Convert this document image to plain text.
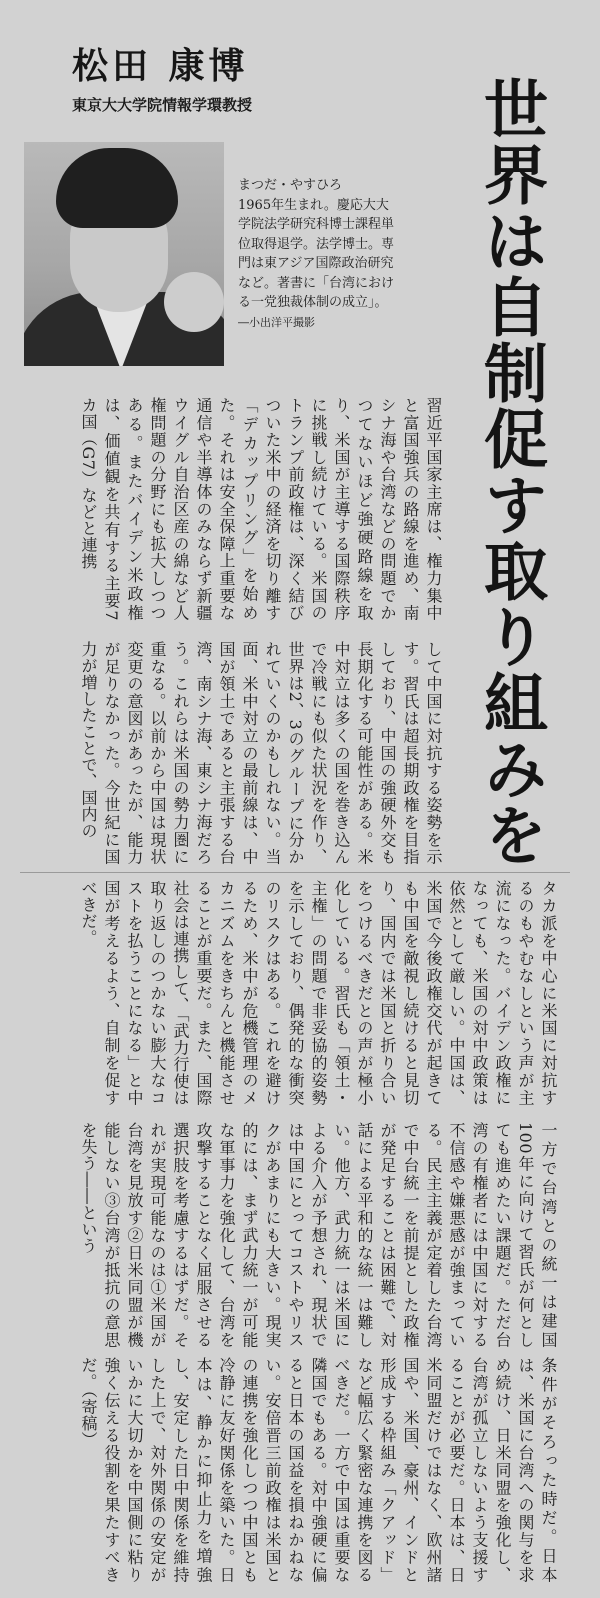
松田 康博
東京大大学院情報学環教授
まつだ・やすひろ
1965年生まれ。慶応大大学院法学研究科博士課程単位取得退学。法学博士。専門は東アジア国際政治研究など。著書に「台湾における一党独裁体制の成立」。―小出洋平撮影	世界は自制促す取り組みを
習近平国家主席は、権力集中と富国強兵の路線を進め、南シナ海や台湾などの問題でかつてないほど強硬路線を取り、米国が主導する国際秩序に挑戦し続けている。米国のトランプ前政権は、深く結びついた米中の経済を切り離す「デカップリング」を始めた。それは安全保障上重要な通信や半導体のみならず新疆ウイグル自治区産の綿など人権問題の分野にも拡大しつつある。またバイデン米政権は、価値観を共有する主要7カ国（G7）などと連携
して中国に対抗する姿勢を示す。習氏は超長期政権を目指しており、中国の強硬外交も長期化する可能性がある。米中対立は多くの国を巻き込んで冷戦にも似た状況を作り、世界は2、3のグループに分かれていくのかもしれない。当面、米中対立の最前線は、中国が領土であると主張する台湾、南シナ海、東シナ海だろう。これらは米国の勢力圏に重なる。以前から中国は現状変更の意図があったが、能力が足りなかった。今世紀に国力が増したことで、国内の
タカ派を中心に米国に対抗するのもやむなしという声が主流になった。バイデン政権になっても、米国の対中政策は依然として厳しい。中国は、米国で今後政権交代が起きても中国を敵視し続けると見切り、国内では米国と折り合いをつけるべきだとの声が極小化している。習氏も「領土・主権」の問題で非妥協的姿勢を示しており、偶発的な衝突のリスクはある。これを避けるため、米中が危機管理のメカニズムをきちんと機能させることが重要だ。また、国際社会は連携して、「武力行使は取り返しのつかない膨大なコストを払うことになる」と中国が考えるよう、自制を促すべきだ。
一方で台湾との統一は建国100年に向けて習氏が何としても進めたい課題だ。ただ台湾の有権者には中国に対する不信感や嫌悪感が強まっている。民主主義が定着した台湾で中台統一を前提とした政権が発足することは困難で、対話による平和的な統一は難しい。他方、武力統一は米国による介入が予想され、現状では中国にとってコストやリスクがあまりにも大きい。現実的には、まず武力統一が可能な軍事力を強化して、台湾を攻撃することなく屈服させる選択肢を考慮するはずだ。それが実現可能なのは①米国が台湾を見放す②日米同盟が機能しない③台湾が抵抗の意思を失う――という
条件がそろった時だ。日本は、米国に台湾への関与を求め続け、日米同盟を強化し、台湾が孤立しないよう支援することが必要だ。日本は、日米同盟だけではなく、欧州諸国や、米国、豪州、インドと形成する枠組み「クアッド」など幅広く緊密な連携を図るべきだ。一方で中国は重要な隣国でもある。対中強硬に偏ると日本の国益を損ねかねない。安倍晋三前政権は米国との連携を強化しつつ中国とも冷静に友好関係を築いた。日本は、静かに抑止力を増強し、安定した日中関係を維持した上で、対外関係の安定がいかに大切かを中国側に粘り強く伝える役割を果たすべきだ。（寄稿）
